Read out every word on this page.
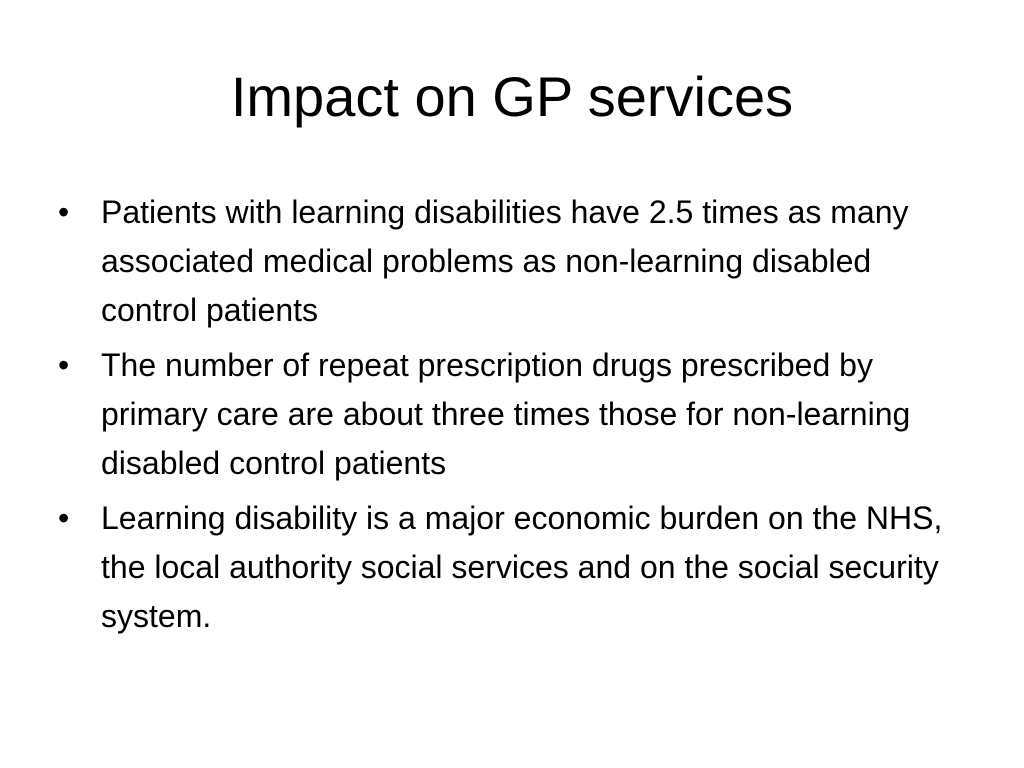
Impact on GP services
• Patients with learning disabilities have 2.5 times as many associated medical problems as non-learning disabled control patients
• The number of repeat prescription drugs prescribed by primary care are about three times those for non-learning disabled control patients
• Learning disability is a major economic burden on the NHS, the local authority social services and on the social security system.
